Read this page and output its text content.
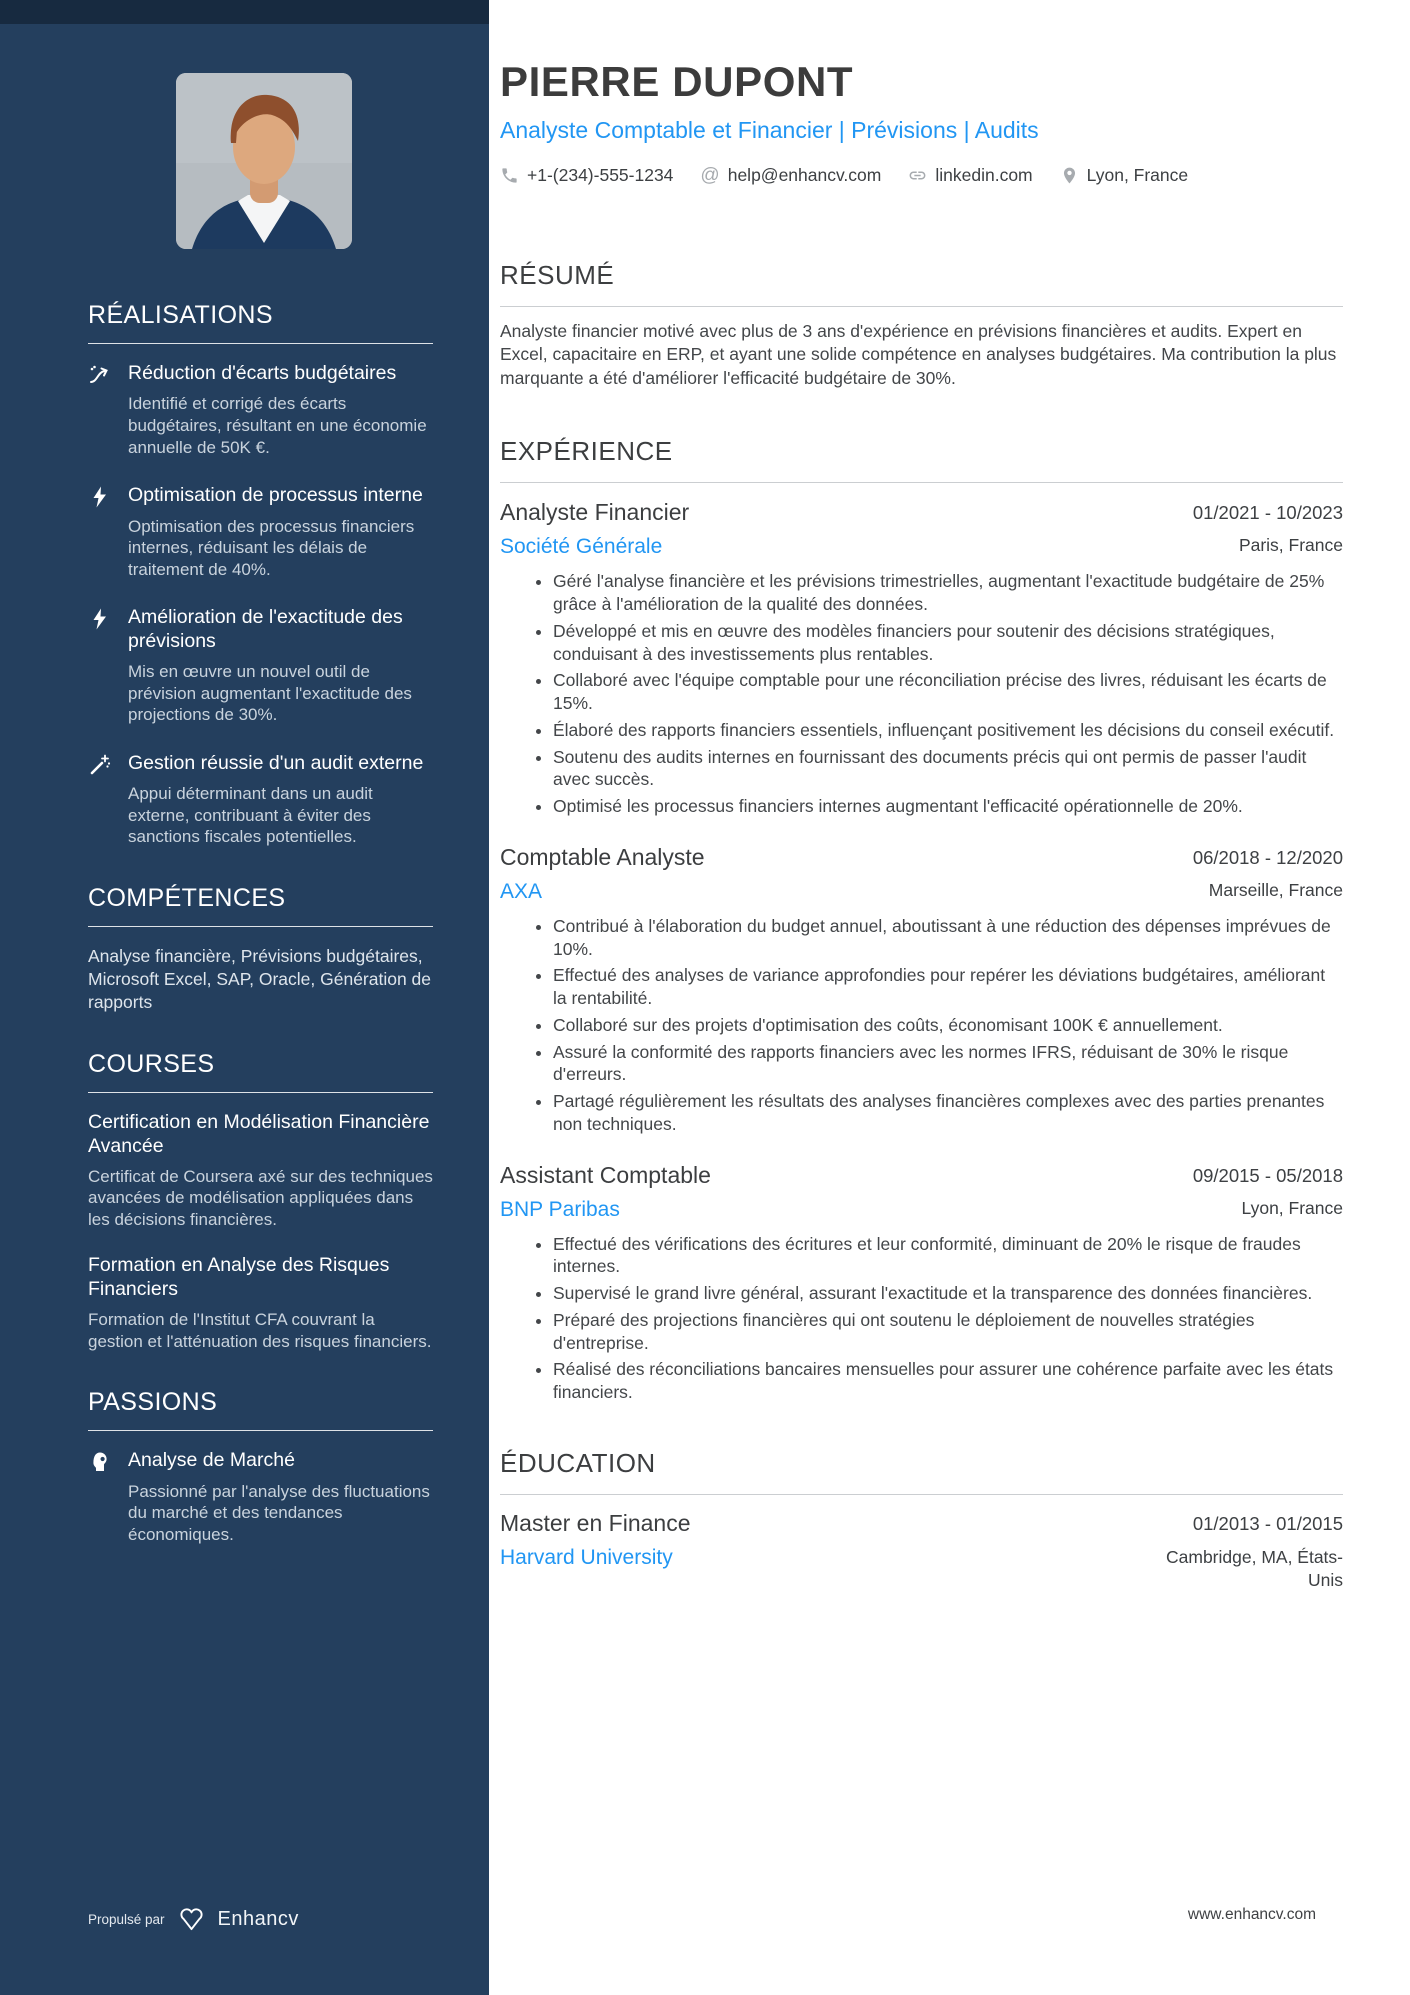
RÉALISATIONS
Réduction d'écarts budgétaires
Identifié et corrigé des écarts budgétaires, résultant en une économie annuelle de 50K €.
Optimisation de processus interne
Optimisation des processus financiers internes, réduisant les délais de traitement de 40%.
Amélioration de l'exactitude des prévisions
Mis en œuvre un nouvel outil de prévision augmentant l'exactitude des projections de 30%.
Gestion réussie d'un audit externe
Appui déterminant dans un audit externe, contribuant à éviter des sanctions fiscales potentielles.
COMPÉTENCES

Analyse financière, Prévisions budgétaires, Microsoft Excel, SAP, Oracle, Génération de rapports

COURSES
Certification en Modélisation Financière Avancée
Certificat de Coursera axé sur des techniques avancées de modélisation appliquées dans les décisions financières.
Formation en Analyse des Risques Financiers
Formation de l'Institut CFA couvrant la gestion et l'atténuation des risques financiers.
PASSIONS
Analyse de Marché
Passionné par l'analyse des fluctuations du marché et des tendances économiques.
Propulsé par	Enhancv
PIERRE DUPONT
Analyste Comptable et Financier | Prévisions | Audits
+1-(234)-555-1234 @ help@enhancv.com	linkedin.com	Lyon, France
RÉSUMÉ

Analyste financier motivé avec plus de 3 ans d'expérience en prévisions financières et audits. Expert en Excel, capacitaire en ERP, et ayant une solide compétence en analyses budgétaires. Ma contribution la plus marquante a été d'améliorer l'efficacité budgétaire de 30%.

EXPÉRIENCE
Analyste Financier	01/2021 - 10/2023
Société Générale	Paris, France
• Géré l'analyse financière et les prévisions trimestrielles, augmentant l'exactitude budgétaire de 25% grâce à l'amélioration de la qualité des données.
• Développé et mis en œuvre des modèles financiers pour soutenir des décisions stratégiques, conduisant à des investissements plus rentables.
• Collaboré avec l'équipe comptable pour une réconciliation précise des livres, réduisant les écarts de 15%.
• Élaboré des rapports financiers essentiels, influençant positivement les décisions du conseil exécutif.
• Soutenu des audits internes en fournissant des documents précis qui ont permis de passer l'audit avec succès.
• Optimisé les processus financiers internes augmentant l'efficacité opérationnelle de 20%.
Comptable Analyste	06/2018 - 12/2020
AXA	Marseille, France
• Contribué à l'élaboration du budget annuel, aboutissant à une réduction des dépenses imprévues de 10%.
• Effectué des analyses de variance approfondies pour repérer les déviations budgétaires, améliorant la rentabilité.
• Collaboré sur des projets d'optimisation des coûts, économisant 100K € annuellement.
• Assuré la conformité des rapports financiers avec les normes IFRS, réduisant de 30% le risque d'erreurs.
• Partagé régulièrement les résultats des analyses financières complexes avec des parties prenantes non techniques.
Assistant Comptable	09/2015 - 05/2018
BNP Paribas	Lyon, France
• Effectué des vérifications des écritures et leur conformité, diminuant de 20% le risque de fraudes internes.
• Supervisé le grand livre général, assurant l'exactitude et la transparence des données financières.
• Préparé des projections financières qui ont soutenu le déploiement de nouvelles stratégies d'entreprise.
• Réalisé des réconciliations bancaires mensuelles pour assurer une cohérence parfaite avec les états financiers.
ÉDUCATION
Master en Finance	01/2013 - 01/2015
Harvard University	Cambridge, MA, États-Unis
www.enhancv.com
